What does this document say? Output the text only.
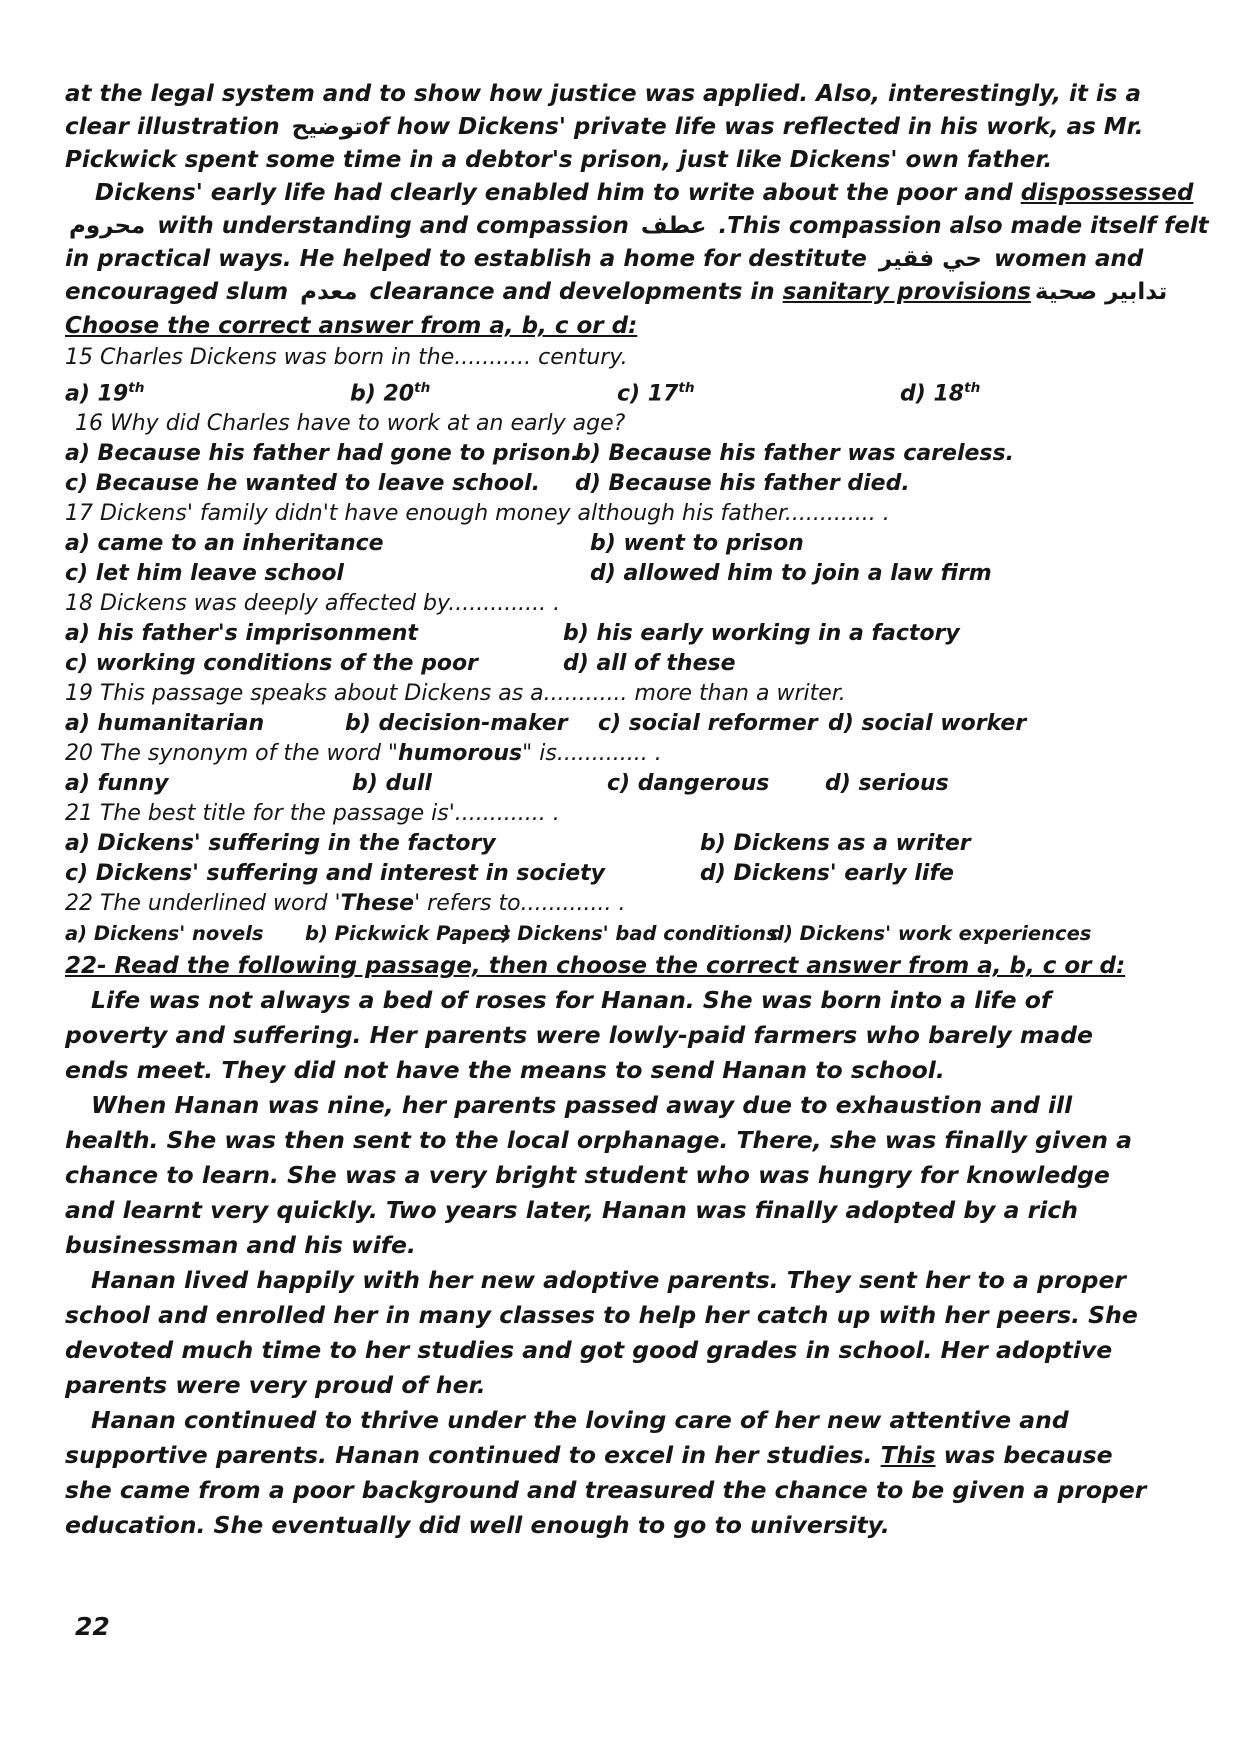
at the legal system and to show how justice was applied. Also, interestingly, it is a
clear illustration توضيحof how Dickens' private life was reflected in his work, as Mr.
Pickwick spent some time in a debtor's prison, just like Dickens' own father.
Dickens' early life had clearly enabled him to write about the poor and dispossessed
محروم with understanding and compassion عطف .This compassion also made itself felt
in practical ways. He helped to establish a home for destitute حي فقير women and
encouraged slum معدم clearance and developments in sanitary provisions تدابير صحية
Choose the correct answer from a, b, c or d:
15 Charles Dickens was born in the........... century.
a) 19th	b) 20th	c) 17th	d) 18th
16 Why did Charles have to work at an early age?
a) Because his father had gone to prison.
b) Because his father was careless.
c) Because he wanted to leave school.	d) Because his father died.
17 Dickens' family didn't have enough money although his father............. .
a) came to an inheritance	b) went to prison
c) let him leave school	d) allowed him to join a law firm
18 Dickens was deeply affected by.............. .
a) his father's imprisonment	b) his early working in a factory
c) working conditions of the poor	d) all of these
19 This passage speaks about Dickens as a............ more than a writer.
a) humanitarian	b) decision-maker	c) social reformer d) social worker
20 The synonym of the word "humorous" is............. .
a) funny	b) dull	c) dangerous	d) serious
21 The best title for the passage is'............. .
a) Dickens' suffering in the factory	b) Dickens as a writer
c) Dickens' suffering and interest in society	d) Dickens' early life
22 The underlined word 'These' refers to............. .
a) Dickens' novels	b) Pickwick Papers
c) Dickens' bad conditions
d) Dickens' work experiences
22- Read the following passage, then choose the correct answer from a, b, c or d:
Life was not always a bed of roses for Hanan. She was born into a life of poverty and suffering. Her parents were lowly-paid farmers who barely made ends meet. They did not have the means to send Hanan to school.
When Hanan was nine, her parents passed away due to exhaustion and ill health. She was then sent to the local orphanage. There, she was finally given a chance to learn. She was a very bright student who was hungry for knowledge and learnt very quickly. Two years later, Hanan was finally adopted by a rich businessman and his wife.
Hanan lived happily with her new adoptive parents. They sent her to a proper school and enrolled her in many classes to help her catch up with her peers. She devoted much time to her studies and got good grades in school. Her adoptive parents were very proud of her.
Hanan continued to thrive under the loving care of her new attentive and supportive parents. Hanan continued to excel in her studies. This was because she came from a poor background and treasured the chance to be given a proper education. She eventually did well enough to go to university.
22
